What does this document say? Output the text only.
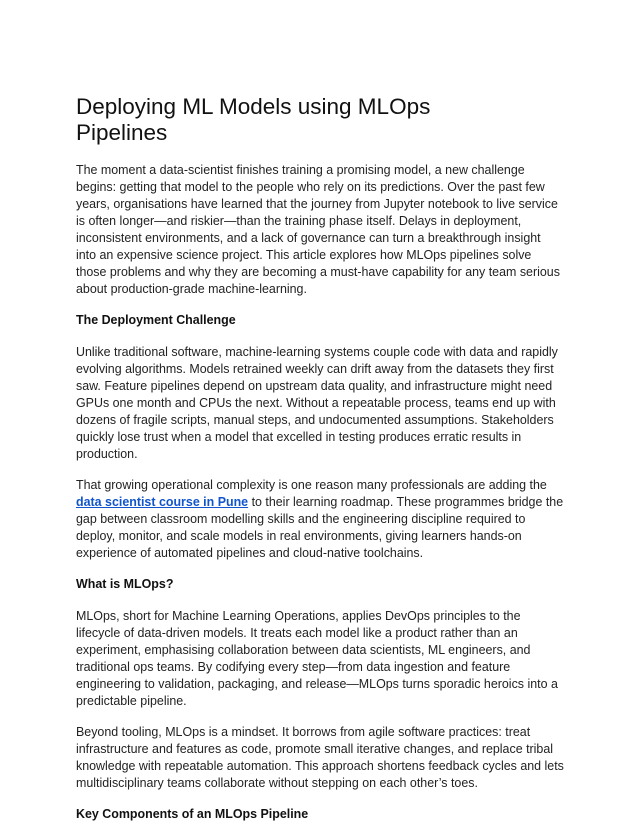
Deploying ML Models using MLOps
Pipelines

The moment a data-scientist finishes training a promising model, a new challenge begins: getting that model to the people who rely on its predictions. Over the past few years, organisations have learned that the journey from Jupyter notebook to live service is often longer—and riskier—than the training phase itself. Delays in deployment, inconsistent environments, and a lack of governance can turn a breakthrough insight into an expensive science project. This article explores how MLOps pipelines solve those problems and why they are becoming a must-have capability for any team serious about production-grade machine-learning.

The Deployment Challenge

Unlike traditional software, machine-learning systems couple code with data and rapidly evolving algorithms. Models retrained weekly can drift away from the datasets they first saw. Feature pipelines depend on upstream data quality, and infrastructure might need GPUs one month and CPUs the next. Without a repeatable process, teams end up with dozens of fragile scripts, manual steps, and undocumented assumptions. Stakeholders quickly lose trust when a model that excelled in testing produces erratic results in production.

That growing operational complexity is one reason many professionals are adding the data scientist course in Pune to their learning roadmap. These programmes bridge the gap between classroom modelling skills and the engineering discipline required to deploy, monitor, and scale models in real environments, giving learners hands-on experience of automated pipelines and cloud-native toolchains.

What is MLOps?

MLOps, short for Machine Learning Operations, applies DevOps principles to the lifecycle of data-driven models. It treats each model like a product rather than an experiment, emphasising collaboration between data scientists, ML engineers, and traditional ops teams. By codifying every step—from data ingestion and feature engineering to validation, packaging, and release—MLOps turns sporadic heroics into a predictable pipeline.

Beyond tooling, MLOps is a mindset. It borrows from agile software practices: treat infrastructure and features as code, promote small iterative changes, and replace tribal knowledge with repeatable automation. This approach shortens feedback cycles and lets multidisciplinary teams collaborate without stepping on each other’s toes.

Key Components of an MLOps Pipeline
